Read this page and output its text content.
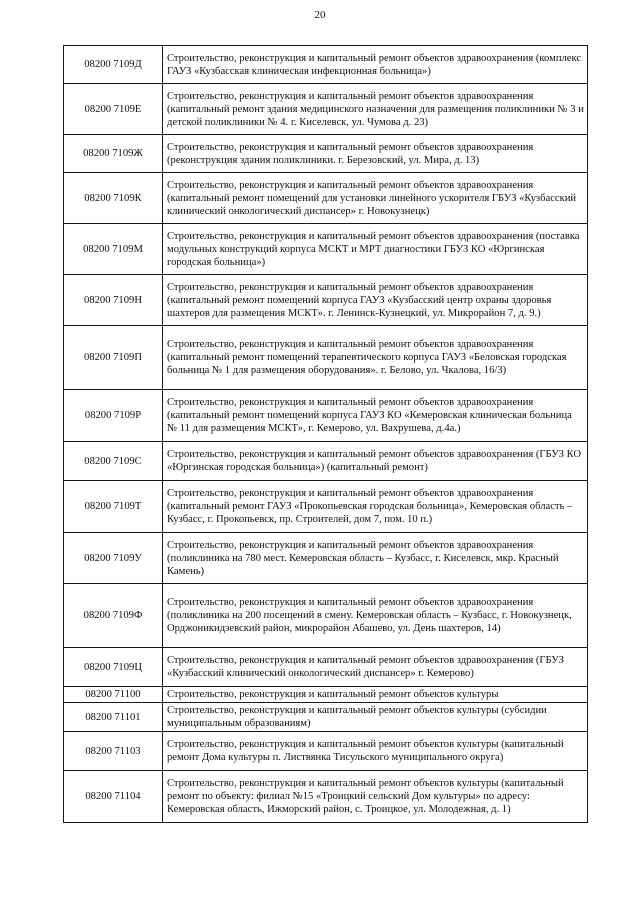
20
08200 7109Д	Строительство, реконструкция и капитальный ремонт объектов здравоохранения (комплекс ГАУЗ «Кузбасская клиническая инфекционная больница»)
08200 7109Е	Строительство, реконструкция и капитальный ремонт объектов здравоохранения (капитальный ремонт здания медицинского назначения для размещения поликлиники № 3 и детской поликлиники № 4. г. Киселевск, ул. Чумова д. 23)
08200 7109Ж	Строительство, реконструкция и капитальный ремонт объектов здравоохранения (реконструкция здания поликлиники. г. Березовский, ул. Мира, д. 13)
08200 7109К	Строительство, реконструкция и капитальный ремонт объектов здравоохранения (капитальный ремонт помещений для установки линейного ускорителя ГБУЗ «Кузбасский клинический онкологический диспансер» г. Новокузнецк)
08200 7109М	Строительство, реконструкция и капитальный ремонт объектов здравоохранения (поставка модульных конструкций корпуса МСКТ и МРТ диагностики ГБУЗ КО «Юргинская городская больница»)
08200 7109Н	Строительство, реконструкция и капитальный ремонт объектов здравоохранения (капитальный ремонт помещений корпуса ГАУЗ «Кузбасский центр охраны здоровья шахтеров для размещения МСКТ». г. Ленинск-Кузнецкий, ул. Микрорайон 7, д. 9.)
08200 7109П	Строительство, реконструкция и капитальный ремонт объектов здравоохранения (капитальный ремонт помещений терапевтического корпуса ГАУЗ «Беловская городская больница № 1 для размещения оборудования». г. Белово, ул. Чкалова, 16/3)
08200 7109Р	Строительство, реконструкция и капитальный ремонт объектов здравоохранения (капитальный ремонт помещений корпуса ГАУЗ КО «Кемеровская клиническая больница № 11 для размещения МСКТ», г. Кемерово, ул. Вахрушева, д.4а.)
08200 7109С	Строительство, реконструкция и капитальный ремонт объектов здравоохранения (ГБУЗ КО «Юргинская городская больница») (капитальный ремонт)
08200 7109Т	Строительство, реконструкция и капитальный ремонт объектов здравоохранения (капитальный ремонт ГАУЗ «Прокопьевская городская больница», Кемеровская область – Кузбасс, г. Прокопьевск, пр. Строителей, дом 7, пом. 10 п.)
08200 7109У	Строительство, реконструкция и капитальный ремонт объектов здравоохранения (поликлиника на 780 мест. Кемеровская область – Кузбасс, г. Киселевск, мкр. Красный Камень)
08200 7109Ф	Строительство, реконструкция и капитальный ремонт объектов здравоохранения (поликлиника на 200 посещений в смену. Кемеровская область – Кузбасс, г. Новокузнецк, Орджоникидзевский район, микрорайон Абашево, ул. День шахтеров, 14)
08200 7109Ц	Строительство, реконструкция и капитальный ремонт объектов здравоохранения (ГБУЗ «Кузбасский клинический онкологический диспансер» г. Кемерово)
08200 71100	Строительство, реконструкция и капитальный ремонт объектов культуры
08200 71101	Строительство, реконструкция и капитальный ремонт объектов культуры (субсидии муниципальным образованиям)
08200 71103	Строительство, реконструкция и капитальный ремонт объектов культуры (капитальный ремонт Дома культуры п. Листвянка Тисульского муниципального округа)
08200 71104	Строительство, реконструкция и капитальный ремонт объектов культуры (капитальный ремонт по объекту: филиал №15 «Троицкий сельский Дом культуры» по адресу: Кемеровская область, Ижморский район, с. Троицкое, ул. Молодежная, д. 1)
